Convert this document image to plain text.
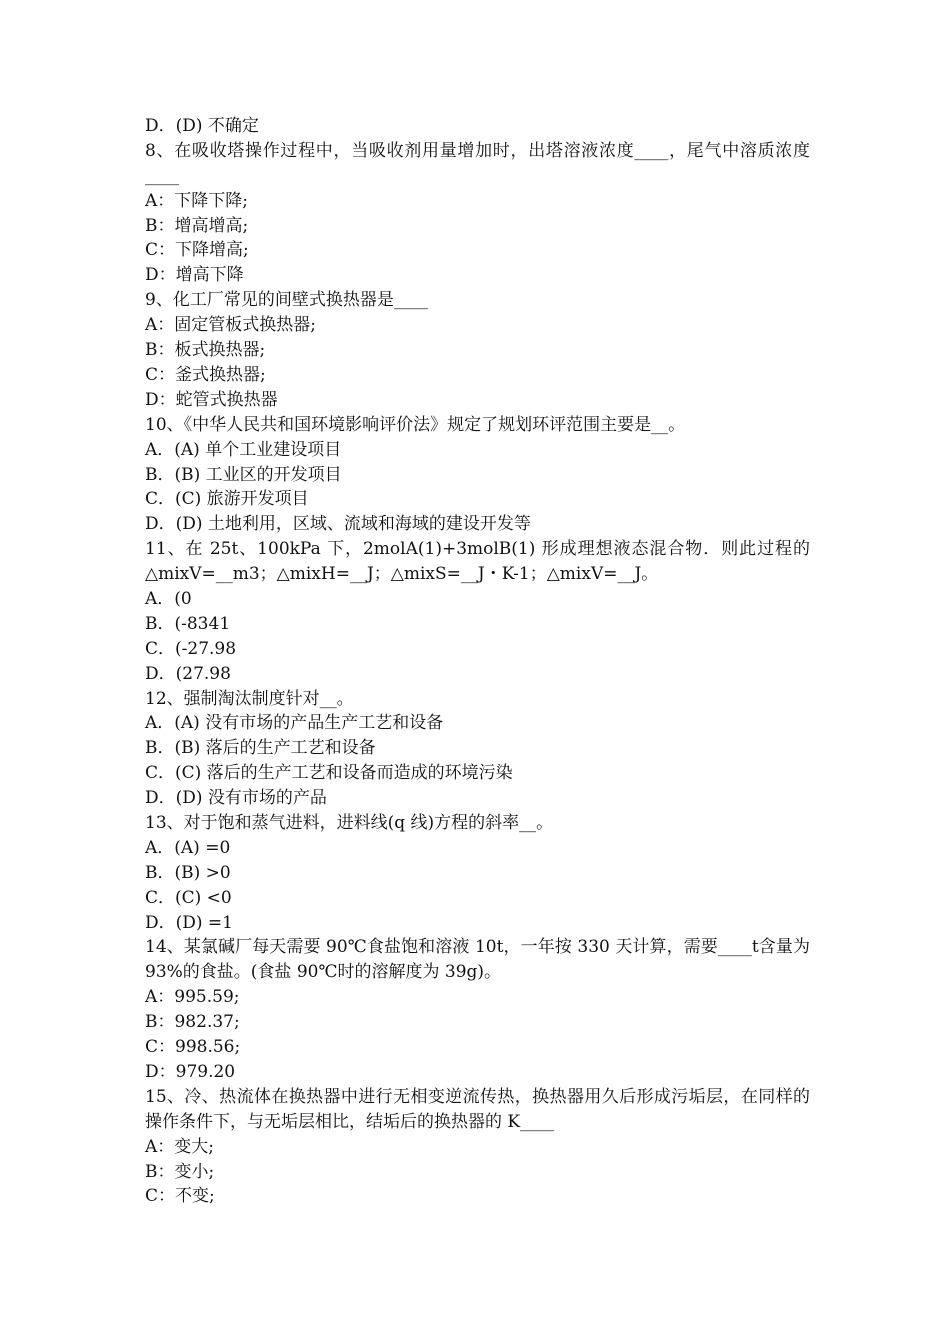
D．(D) 不确定
8、在吸收塔操作过程中，当吸收剂用量增加时，出塔溶液浓度____，尾气中溶质浓度____
A：下降下降;
B：增高增高;
C：下降增高;
D：增高下降
9、化工厂常见的间壁式换热器是____
A：固定管板式换热器;
B：板式换热器;
C：釜式换热器;
D：蛇管式换热器
10、《中华人民共和国环境影响评价法》规定了规划环评范围主要是__。
A．(A) 单个工业建设项目
B．(B) 工业区的开发项目
C．(C) 旅游开发项目
D．(D) 土地利用，区域、流域和海域的建设开发等
11、在 25t、100kPa 下，2molA(1)+3molB(1) 形成理想液态混合物．则此过程的△mixV=__m3；△mixH=__J；△mixS=__J・K-1；△mixV=__J。
A．(0
B．(-8341
C．(-27.98
D．(27.98
12、强制淘汰制度针对__。
A．(A) 没有市场的产品生产工艺和设备
B．(B) 落后的生产工艺和设备
C．(C) 落后的生产工艺和设备而造成的环境污染
D．(D) 没有市场的产品
13、对于饱和蒸气进料，进料线(q 线)方程的斜率__。
A．(A) =0
B．(B) >0
C．(C) <0
D．(D) =1
14、某氯碱厂每天需要 90℃食盐饱和溶液 10t，一年按 330 天计算，需要____t含量为 93%的食盐。(食盐 90℃时的溶解度为 39g)。
A：995.59;
B：982.37;
C：998.56;
D：979.20
15、冷、热流体在换热器中进行无相变逆流传热，换热器用久后形成污垢层，在同样的操作条件下，与无垢层相比，结垢后的换热器的 K____
A：变大;
B：变小;
C：不变;
